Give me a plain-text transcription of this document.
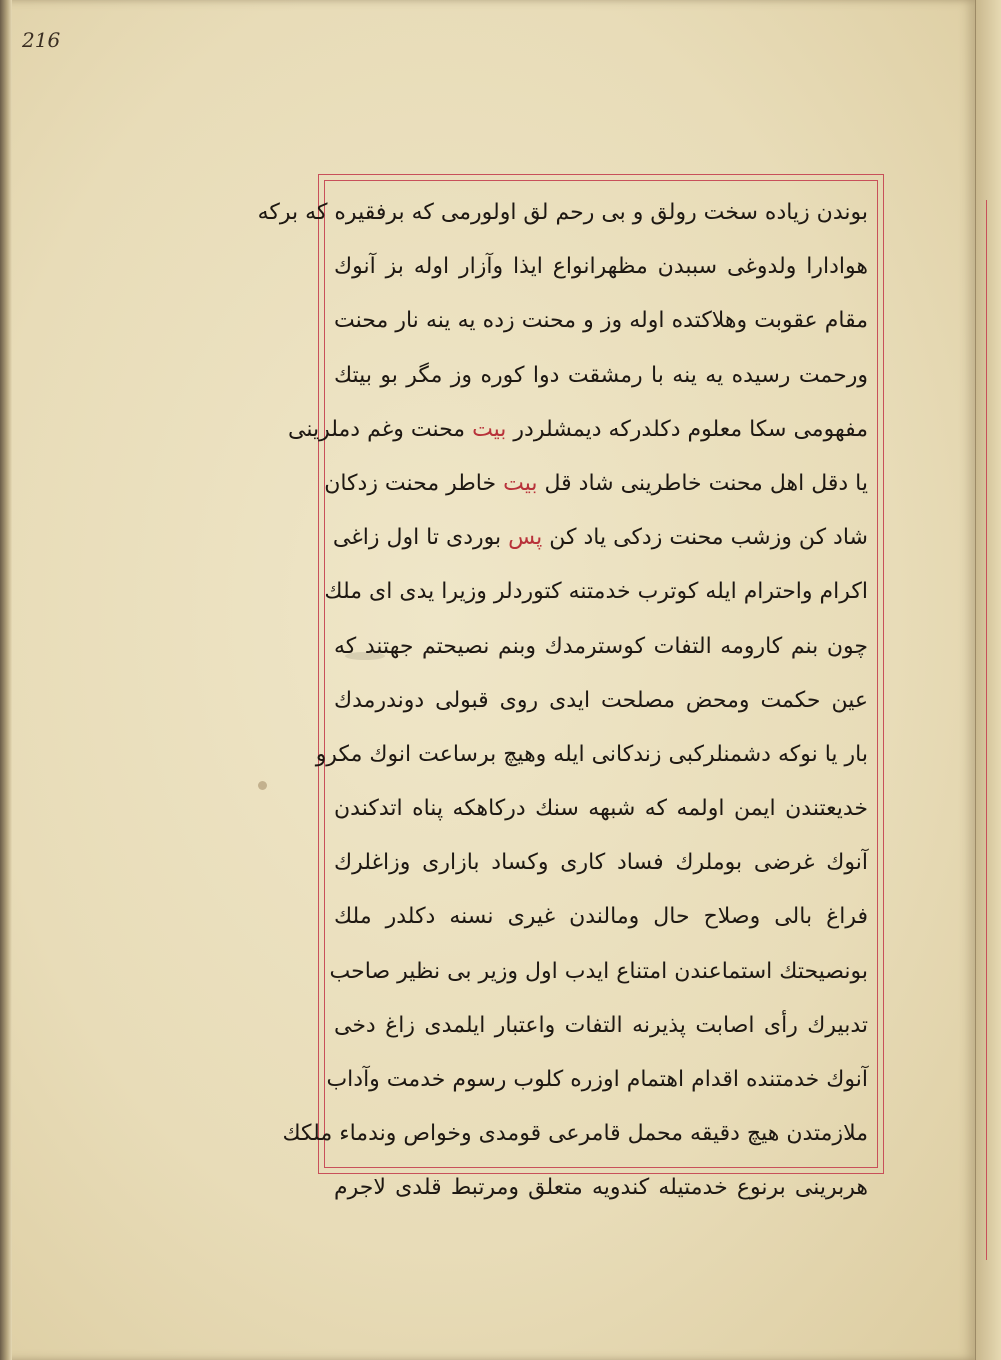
216
بوندن زیاده سخت رولق و بی رحم لق اولورمی که برفقیره که برکه
هوادارا ولدوغی سببدن مظهرانواع ایذا وآزار اوله بز آنوك
مقام عقوبت وهلاکتده اوله وز و محنت زده یه ینه نار محنت
ورحمت رسیده یه ینه با رمشقت دوا کوره وز مگر بو بیتك
مفهومی سکا معلوم دکلدرکه دیمشلردر بیت محنت وغم دملرینی
یا دقل اهل محنت خاطرینی شاد قل بیت خاطر محنت زدکان
شاد کن وزشب محنت زدکی یاد کن پس بوردی تا اول زاغی
اکرام واحترام ایله کوترب خدمتنه کتوردلر وزیرا یدی ای ملك
چون بنم کارومه التفات کوسترمدك وبنم نصیحتم جهتند که
عین حکمت ومحض مصلحت ایدی روی قبولی دوندرمدك
بار یا نوکه دشمنلرکبی زندکانی ایله وهیچ برساعت انوك مکرو
خدیعتندن ایمن اولمه که شبهه سنك درکاهکه پناه اتدکندن
آنوك غرضی بوملرك فساد کاری وکساد بازاری وزاغلرك
فراغ بالی وصلاح حال ومالندن غیری نسنه دکلدر ملك
بونصیحتك استماعندن امتناع ایدب اول وزیر بی نظیر صاحب
تدبیرك رأی اصابت پذیرنه التفات واعتبار ایلمدی زاغ دخی
آنوك خدمتنده اقدام اهتمام اوزره کلوب رسوم خدمت وآداب
ملازمتدن هیچ دقیقه محمل قامرعی قومدی وخواص وندماء ملکك
هربرینی برنوع خدمتیله کندویه متعلق ومرتبط قلدی لاجرم
